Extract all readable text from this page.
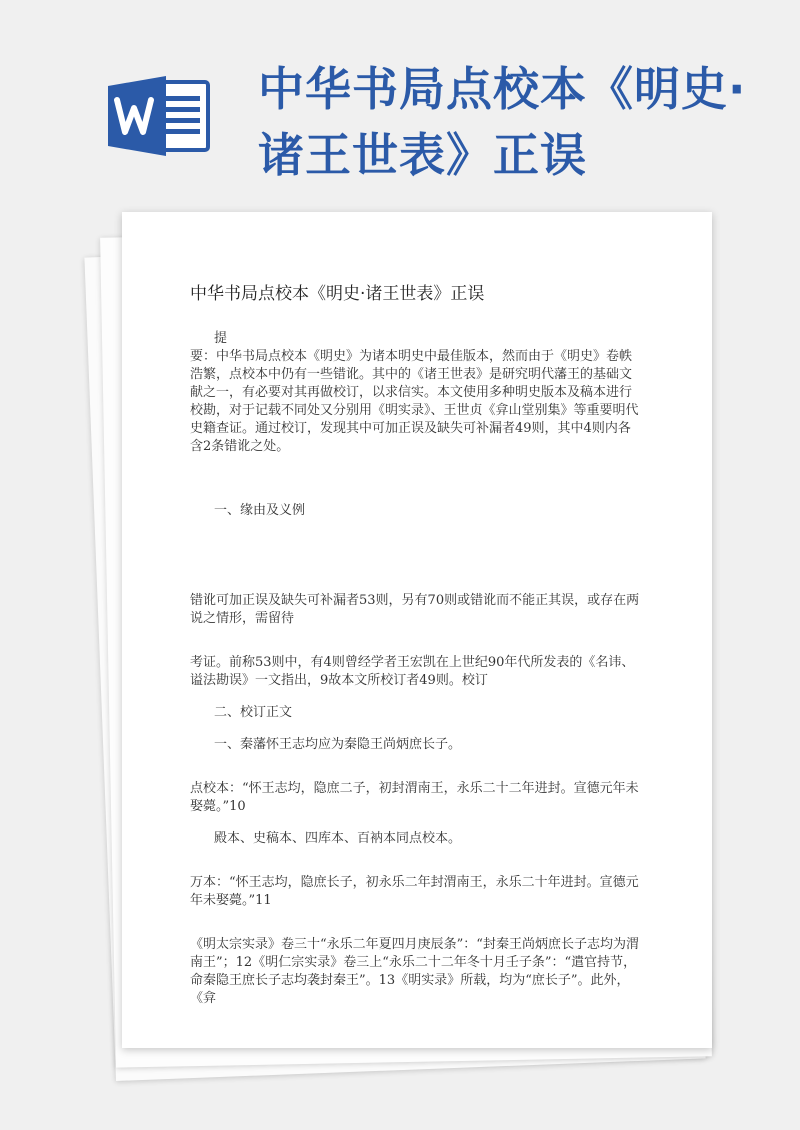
中华书局点校本《明史·诸王世表》正误
中华书局点校本《明史·诸王世表》正误

提

要：中华书局点校本《明史》为诸本明史中最佳版本，然而由于《明史》卷帙浩繁，点校本中仍有一些错讹。其中的《诸王世表》是研究明代藩王的基础文献之一，有必要对其再做校订，以求信实。本文使用多种明史版本及稿本进行校勘，对于记载不同处又分别用《明实录》、王世贞《弇山堂别集》等重要明代史籍查证。通过校订，发现其中可加正误及缺失可补漏者49则，其中4则内各含2条错讹之处。

一、缘由及义例

错讹可加正误及缺失可补漏者53则，另有70则或错讹而不能正其误，或存在两说之情形，需留待

考证。前称53则中，有4则曾经学者王宏凯在上世纪90年代所发表的《名讳、谥法勘误》一文指出，9故本文所校订者49则。校订

二、校订正文

一、秦藩怀王志均应为秦隐王尚炳庶长子。

点校本：“怀王志均，隐庶二子，初封渭南王，永乐二十二年进封。宣德元年未娶薨。”10

殿本、史稿本、四库本、百衲本同点校本。

万本：“怀王志均，隐庶长子，初永乐二年封渭南王，永乐二十年进封。宣德元年未娶薨。”11

《明太宗实录》卷三十“永乐二年夏四月庚辰条”：“封秦王尚炳庶长子志均为渭南王”；12《明仁宗实录》卷三上“永乐二十二年冬十月壬子条”：“遣官持节，命秦隐王庶长子志均袭封秦王”。13《明实录》所载，均为“庶长子”。此外，《弇
